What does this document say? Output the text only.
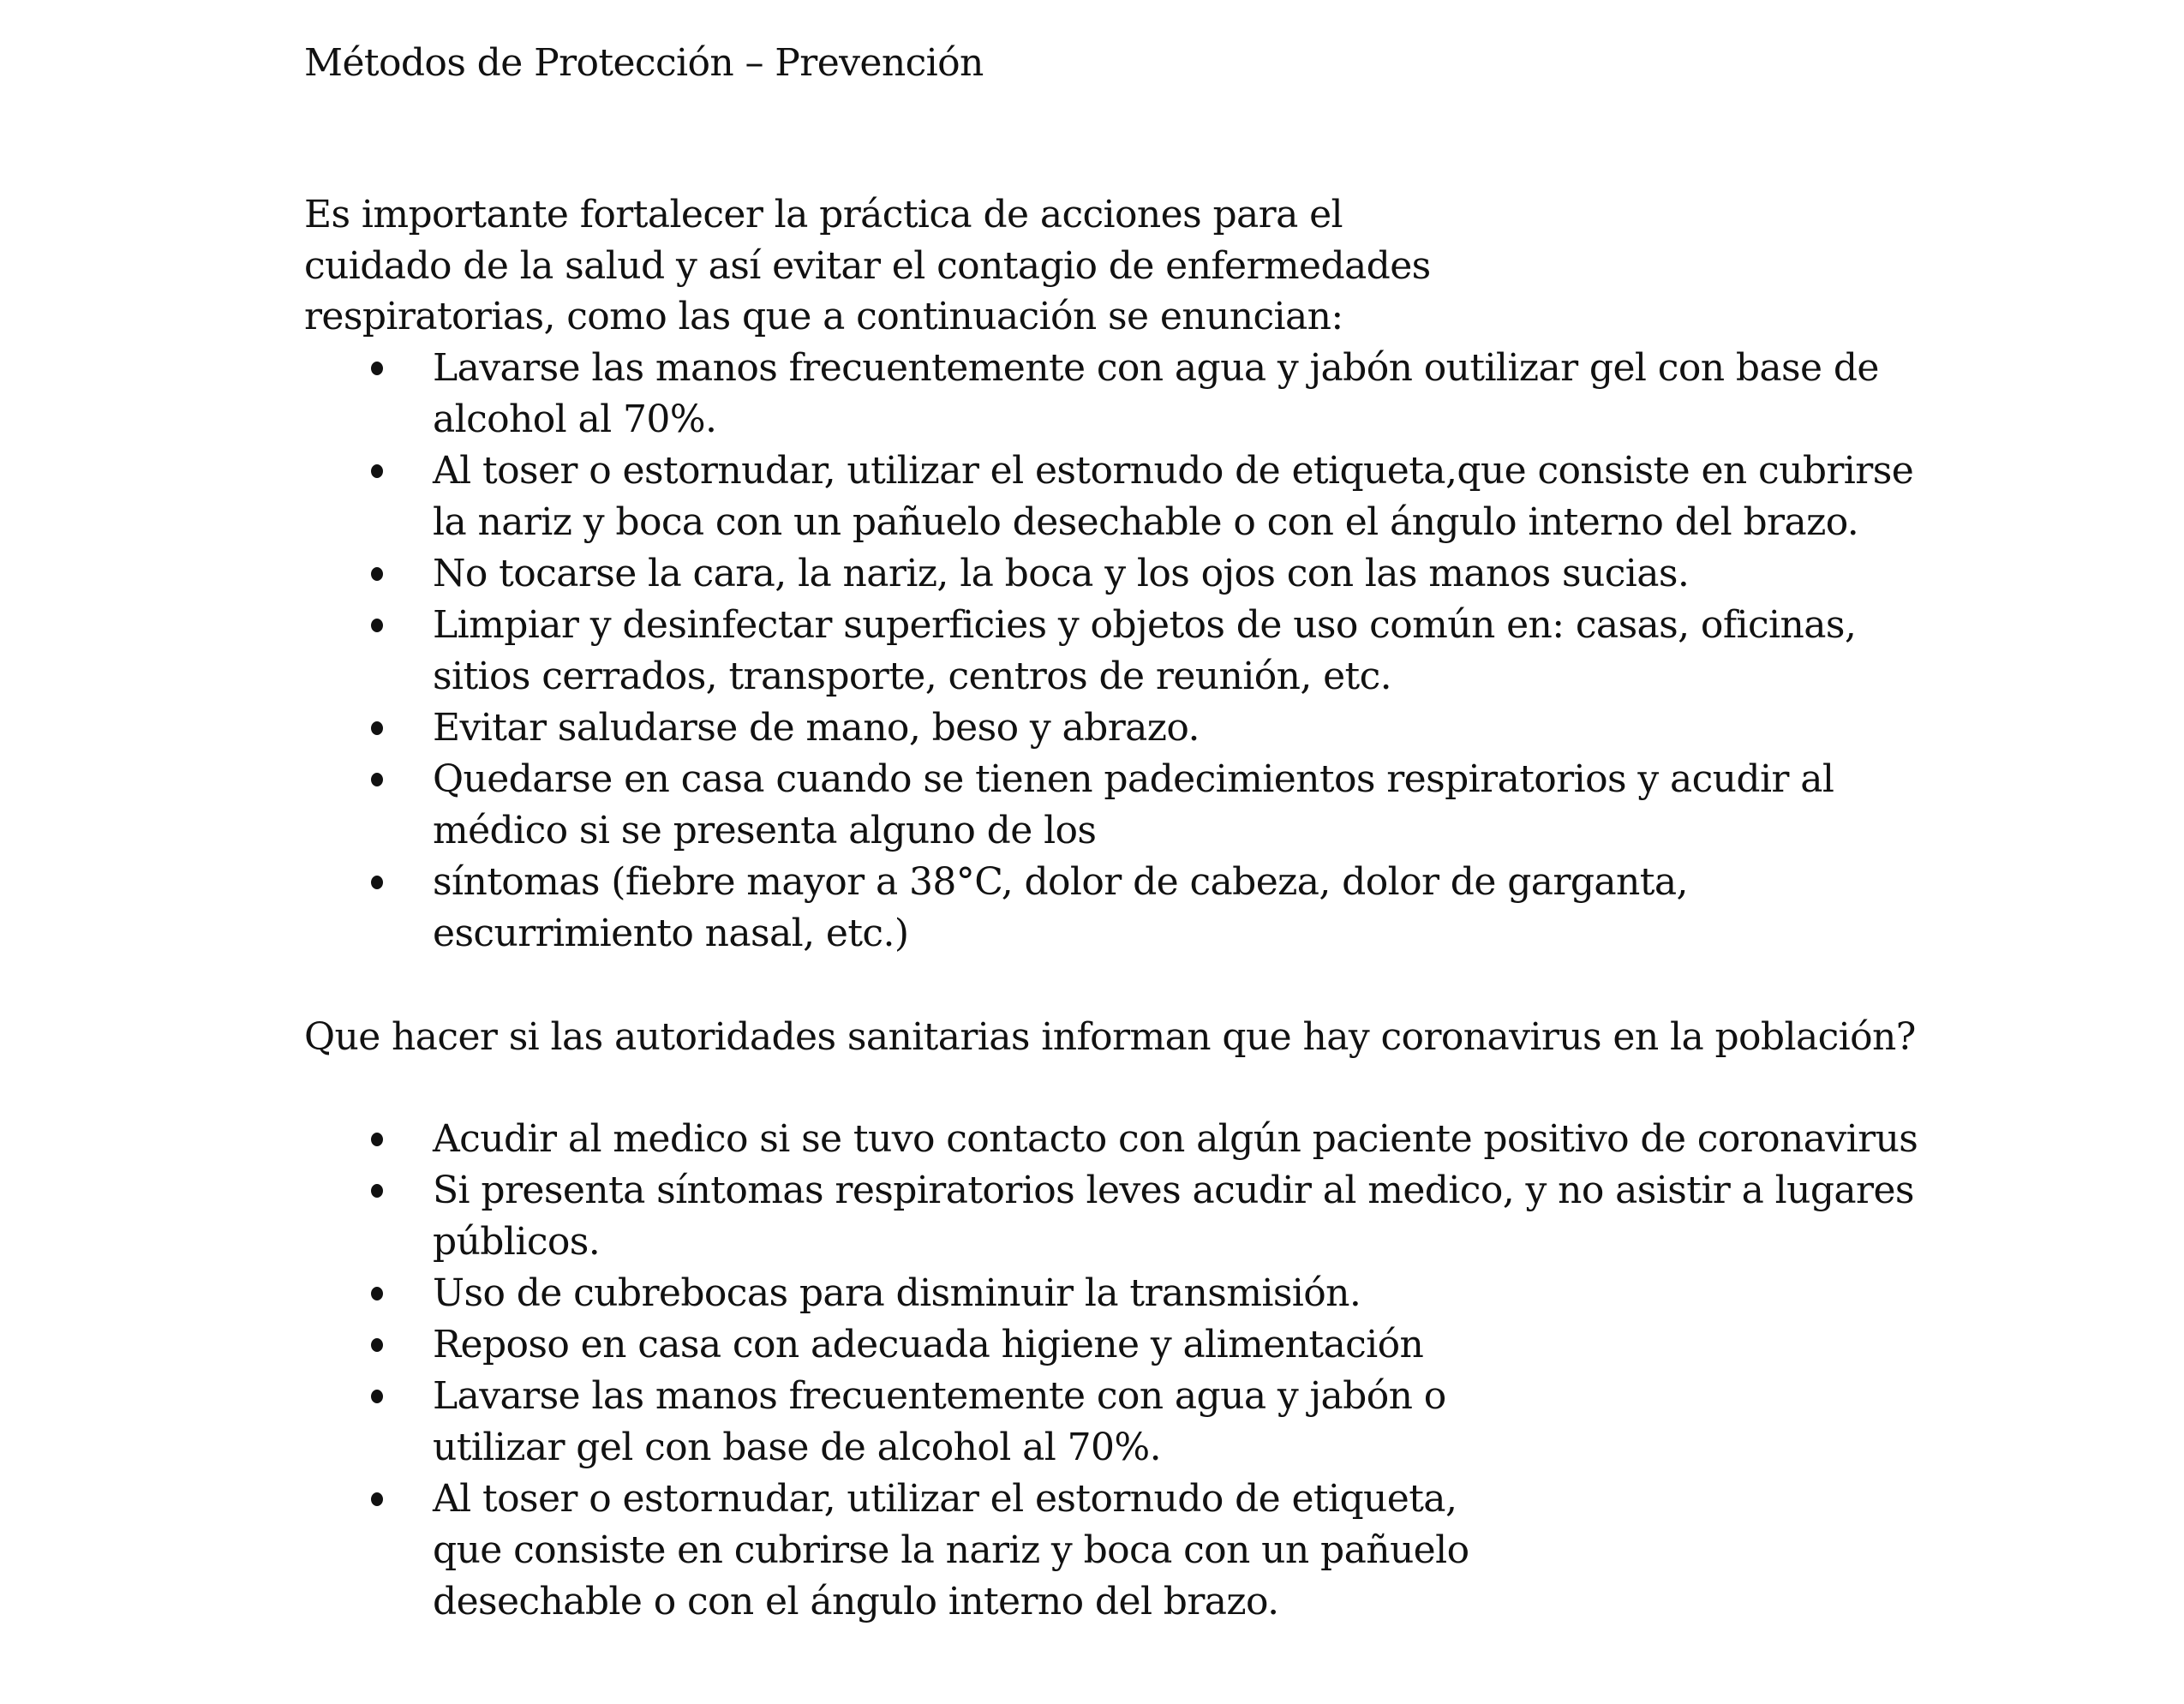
Métodos de Protección – Prevención
Es importante fortalecer la práctica de acciones para el
cuidado de la salud y así evitar el contagio de enfermedades
respiratorias, como las que a continuación se enuncian:
Lavarse las manos frecuentemente con agua y jabón outilizar gel con base de
alcohol al 70%.
Al toser o estornudar, utilizar el estornudo de etiqueta,que consiste en cubrirse
la nariz y boca con un pañuelo desechable o con el ángulo interno del brazo.
No tocarse la cara, la nariz, la boca y los ojos con las manos sucias.
Limpiar y desinfectar superficies y objetos de uso común en: casas, oficinas,
sitios cerrados, transporte, centros de reunión, etc.
Evitar saludarse de mano, beso y abrazo.
Quedarse en casa cuando se tienen padecimientos respiratorios y acudir al
médico si se presenta alguno de los
síntomas (fiebre mayor a 38°C, dolor de cabeza, dolor de garganta,
escurrimiento nasal, etc.)
Que hacer si las autoridades sanitarias informan que hay coronavirus en la población?
Acudir al medico si se tuvo contacto con algún paciente positivo de coronavirus
Si presenta síntomas respiratorios leves acudir al medico, y no asistir a lugares
públicos.
Uso de cubrebocas para disminuir la transmisión.
Reposo en casa con adecuada higiene y alimentación
Lavarse las manos frecuentemente con agua y jabón o
utilizar gel con base de alcohol al 70%.
Al toser o estornudar, utilizar el estornudo de etiqueta,
que consiste en cubrirse la nariz y boca con un pañuelo
desechable o con el ángulo interno del brazo.
